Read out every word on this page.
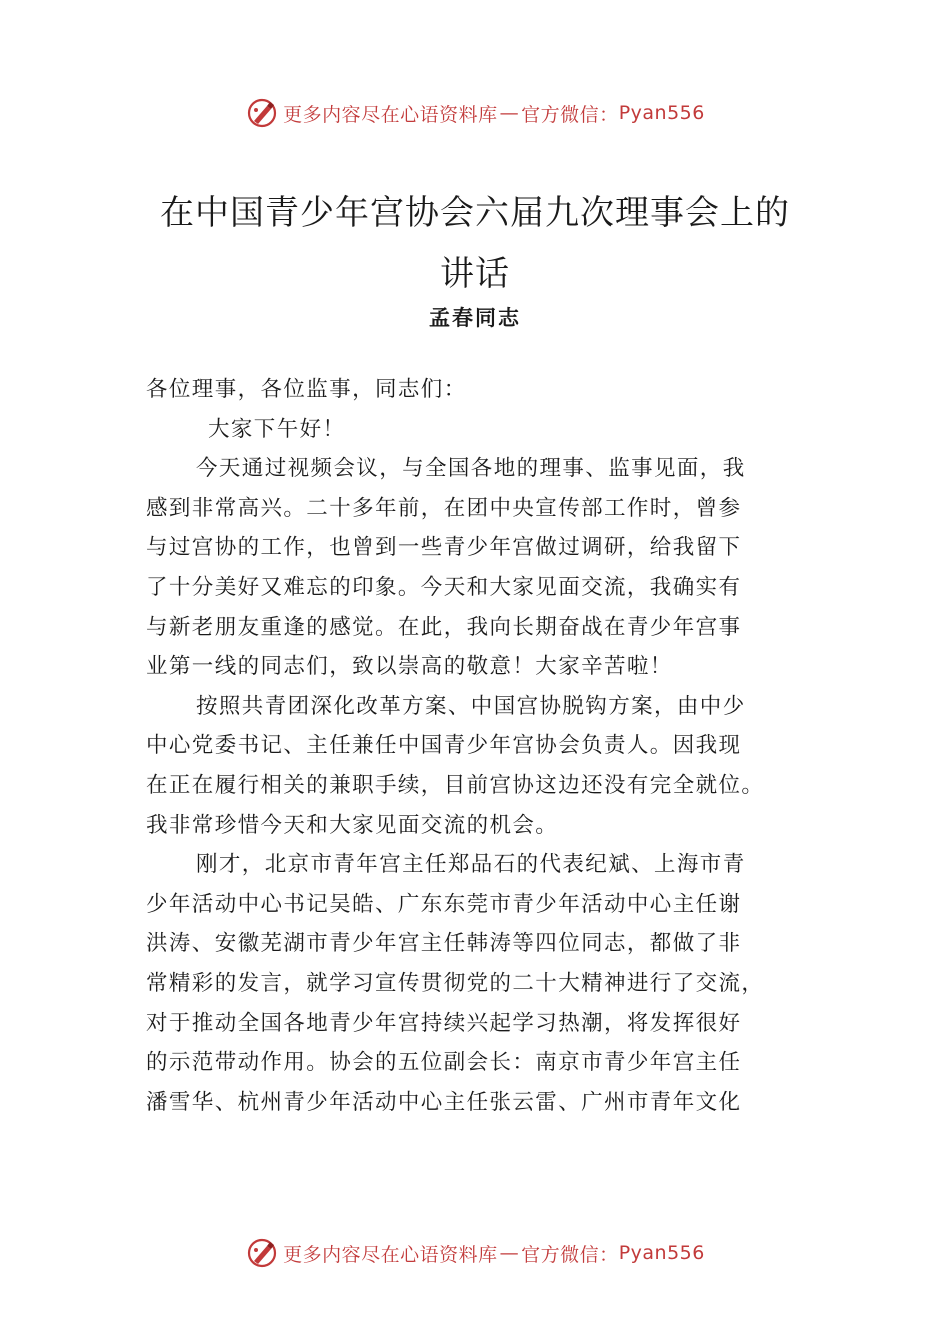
更多内容尽在心语资料库 — 官方微信： Pyan556
在中国青少年宫协会六届九次理事会上的
讲话
孟春同志
各位理事，各位监事，同志们：
大家下午好！
今天通过视频会议，与全国各地的理事、监事见面，我
感到非常高兴。二十多年前，在团中央宣传部工作时，曾参
与过宫协的工作，也曾到一些青少年宫做过调研，给我留下
了十分美好又难忘的印象。今天和大家见面交流，我确实有
与新老朋友重逢的感觉。在此，我向长期奋战在青少年宫事
业第一线的同志们，致以崇高的敬意！大家辛苦啦！
按照共青团深化改革方案、中国宫协脱钩方案，由中少
中心党委书记、主任兼任中国青少年宫协会负责人。因我现
在正在履行相关的兼职手续，目前宫协这边还没有完全就位。
我非常珍惜今天和大家见面交流的机会。
刚才，北京市青年宫主任郑品石的代表纪斌、上海市青
少年活动中心书记吴皓、广东东莞市青少年活动中心主任谢
洪涛、安徽芜湖市青少年宫主任韩涛等四位同志，都做了非
常精彩的发言，就学习宣传贯彻党的二十大精神进行了交流，
对于推动全国各地青少年宫持续兴起学习热潮，将发挥很好
的示范带动作用。协会的五位副会长：南京市青少年宫主任
潘雪华、杭州青少年活动中心主任张云雷、广州市青年文化
更多内容尽在心语资料库 — 官方微信： Pyan556
